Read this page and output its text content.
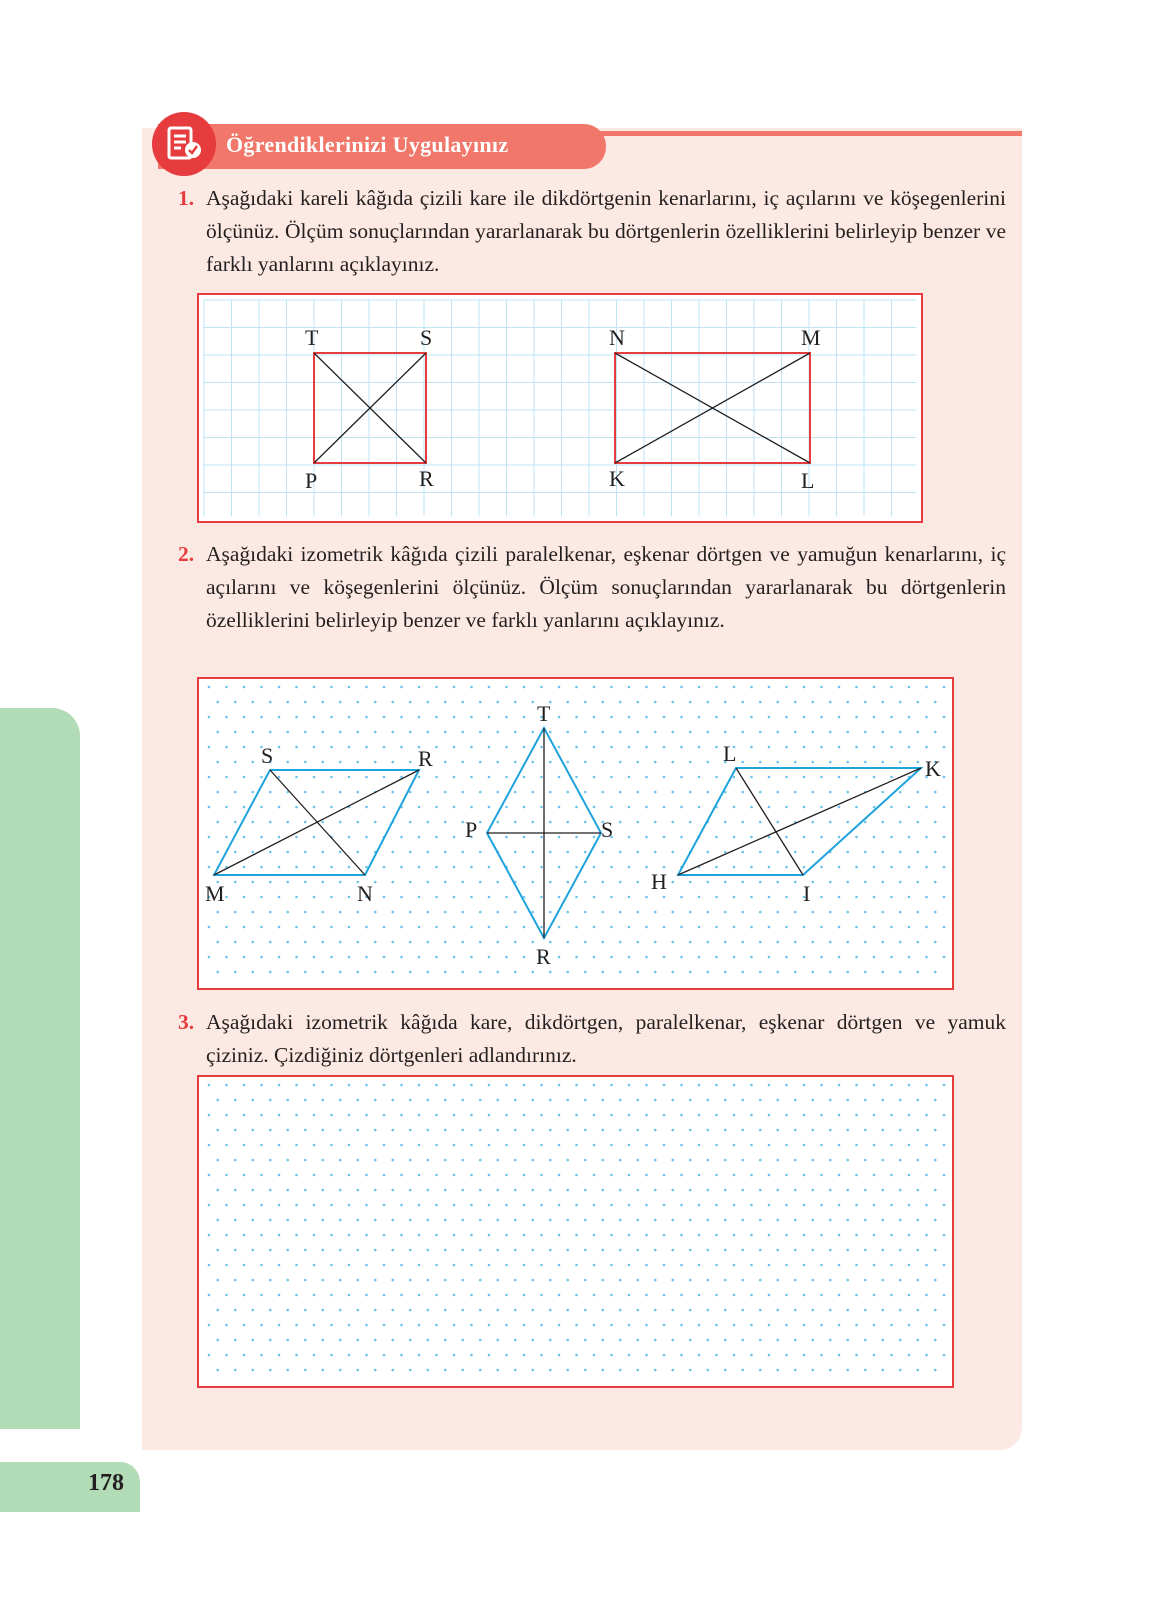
Öğrendiklerinizi Uygulayınız
1. Aşağıdaki kareli kâğıda çizili kare ile dikdörtgenin kenarlarını, iç açılarını ve köşegenlerini ölçünüz. Ölçüm sonuçlarından yararlanarak bu dörtgenlerin özelliklerini belirleyip benzer ve farklı yanlarını açıklayınız.
T	S
P	R
N	M
K	L
2. Aşağıdaki izometrik kâğıda çizili paralelkenar, eşkenar dörtgen ve yamuğun kenarlarını, iç açılarını ve köşegenlerini ölçünüz. Ölçüm sonuçlarından yararlanarak bu dörtgenlerin özelliklerini belirleyip benzer ve farklı yanlarını açıklayınız.
S	R
M	N
T
P	S
R
L
K
H	I
3. Aşağıdaki izometrik kâğıda kare, dikdörtgen, paralelkenar, eşkenar dörtgen ve yamuk çiziniz. Çizdiğiniz dörtgenleri adlandırınız.
178
